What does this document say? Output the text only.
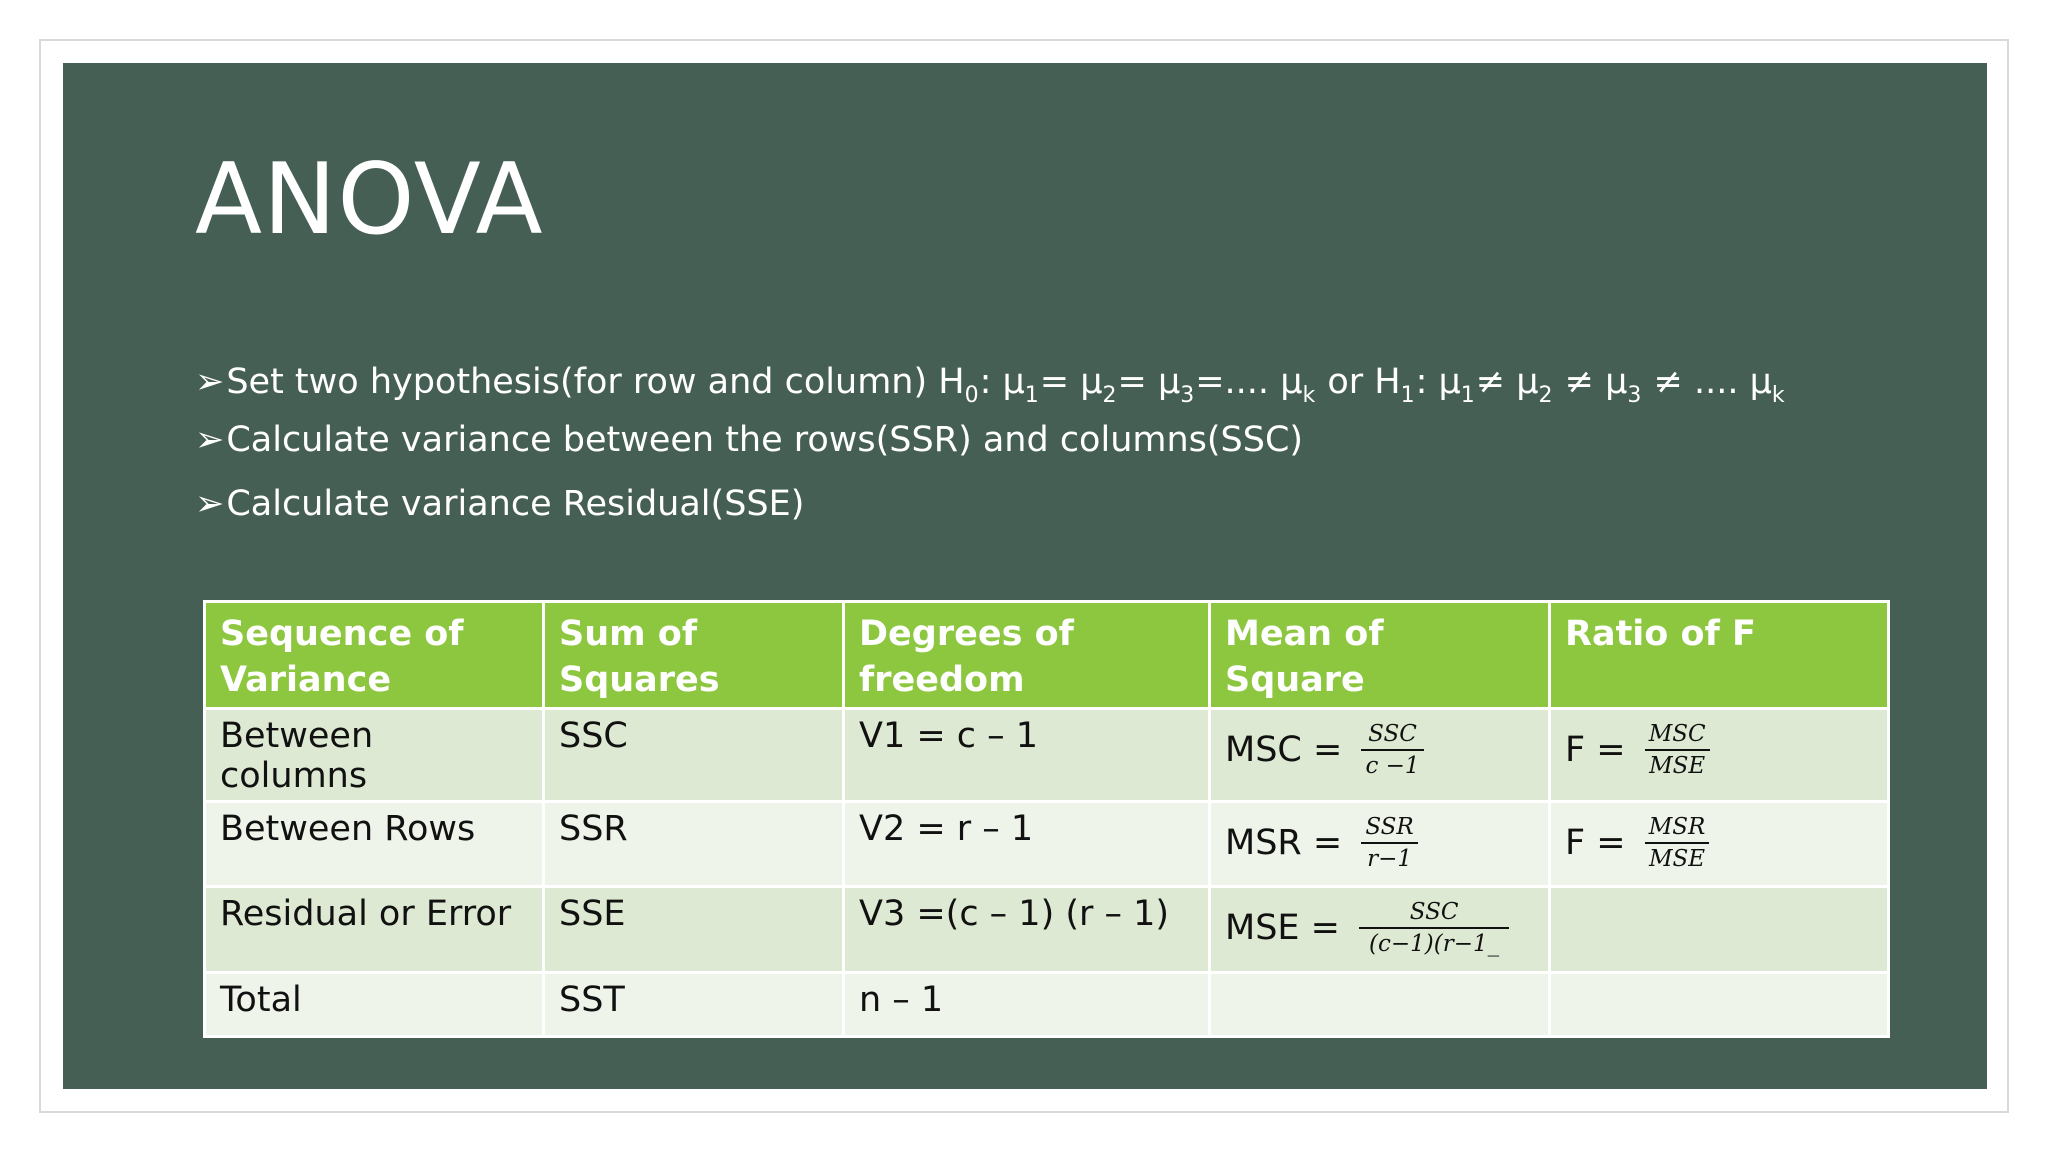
ANOVA
➢ Set two hypothesis(for row and column) H 0 : μ 1 = μ 2 = μ 3 =.... μ k or H 1 : μ 1 ≠ μ 2 ≠ μ 3 ≠ .... μ k
➢ Calculate variance between the rows(SSR) and columns(SSC)
➢ Calculate variance Residual(SSE)
Sequence of Variance	Sum of Squares	Degrees of freedom	Mean of Square	Ratio of F
Between columns	SSC	V1 = c – 1	MSC = $\frac{\text{SSC}}{c -1}$	$F = \frac{\text{MSC}}{\text{MSE}}$

Between Rows	SSR	V2 = r – 1	MSR = $\frac{\text{SSR}}{r-1}$	$F = \frac{\text{MSR}}{\text{MSE}}$

Residual or Error	SSE	V3 =(c – 1) (r – 1)	MSE = $\frac{\text{SSC}}{(c-1)(r-1\_}$

Total	SST	n – 1		
